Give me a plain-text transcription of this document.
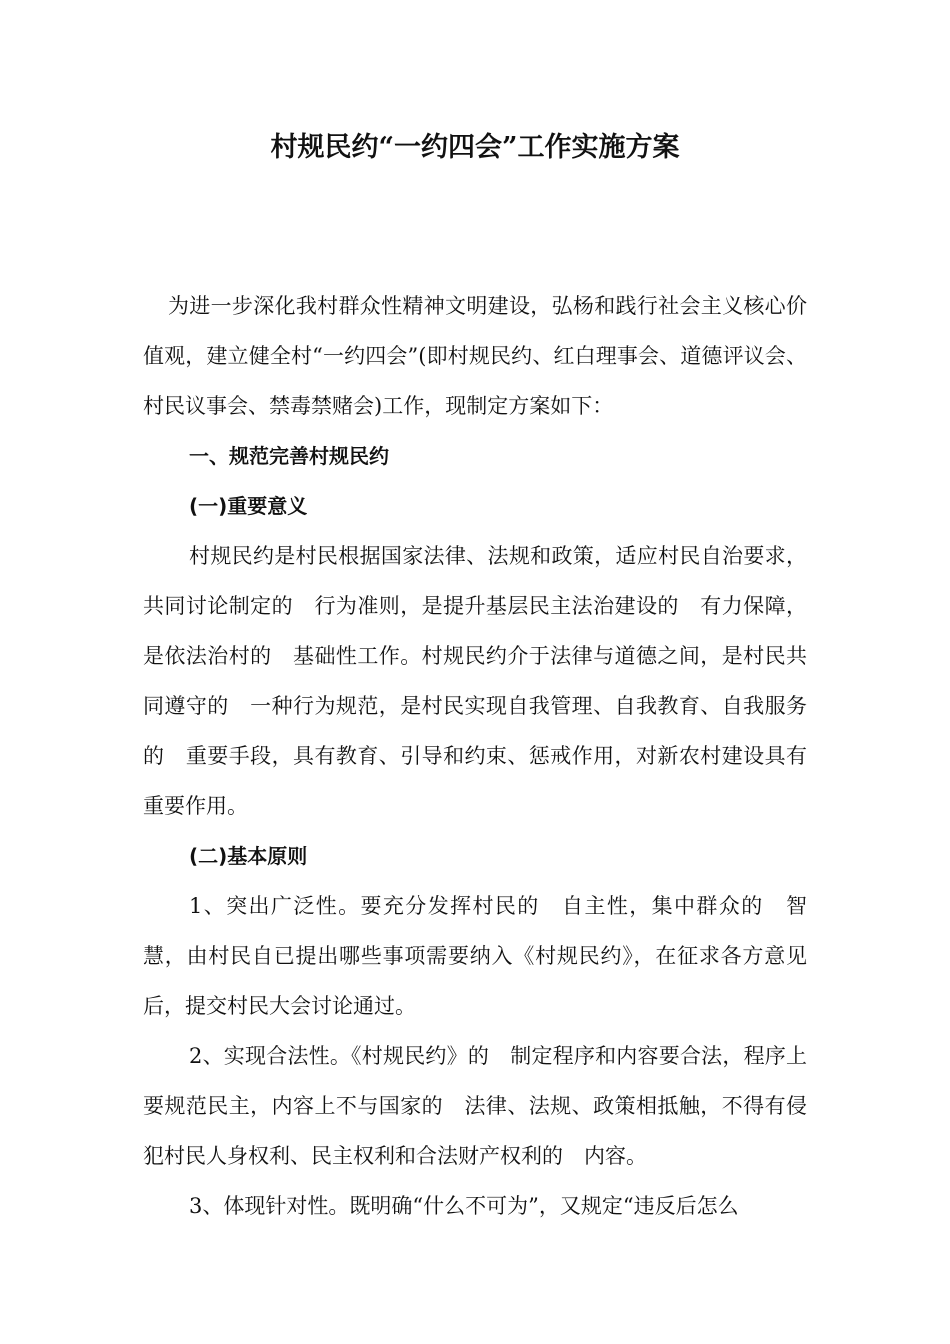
村规民约“一约四会”工作实施方案

为进一步深化我村群众性精神文明建设，弘杨和践行社会主义核心价值观，建立健全村“一约四会”(即村规民约、红白理事会、道德评议会、村民议事会、禁毒禁赌会)工作，现制定方案如下：

一、规范完善村规民约

(一)重要意义

村规民约是村民根据国家法律、法规和政策，适应村民自治要求，共同讨论制定的　行为准则，是提升基层民主法治建设的　有力保障，是依法治村的　基础性工作。村规民约介于法律与道德之间，是村民共同遵守的　一种行为规范，是村民实现自我管理、自我教育、自我服务的　重要手段，具有教育、引导和约束、惩戒作用，对新农村建设具有重要作用。

(二)基本原则

1、突出广泛性。要充分发挥村民的　自主性，集中群众的　智慧，由村民自已提出哪些事项需要纳入《村规民约》，在征求各方意见后，提交村民大会讨论通过。

2、实现合法性。《村规民约》的　制定程序和内容要合法，程序上要规范民主，内容上不与国家的　法律、法规、政策相抵触，不得有侵犯村民人身权利、民主权利和合法财产权利的　内容。

3、体现针对性。既明确“什么不可为”，又规定“违反后怎么
